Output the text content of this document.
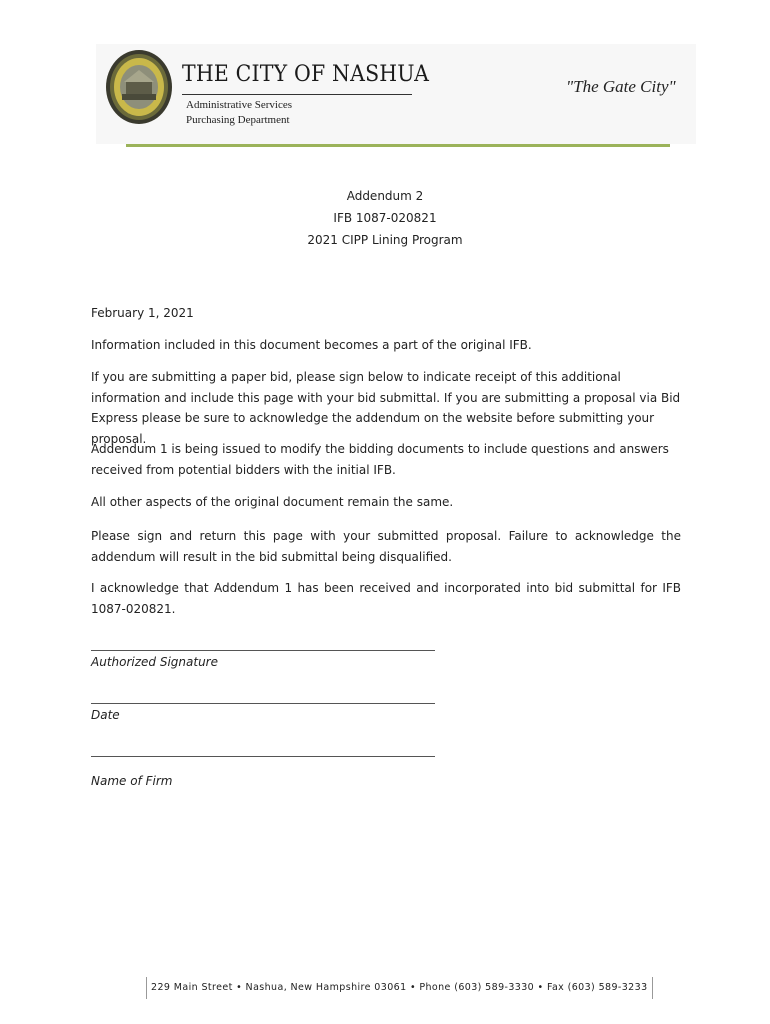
THE CITY OF NASHUA
Administrative Services
Purchasing Department
"The Gate City"
Addendum 2
IFB 1087-020821
2021 CIPP Lining Program
February 1, 2021
Information included in this document becomes a part of the original IFB.
If you are submitting a paper bid, please sign below to indicate receipt of this additional information and include this page with your bid submittal. If you are submitting a proposal via Bid Express please be sure to acknowledge the addendum on the website before submitting your proposal.
Addendum 1 is being issued to modify the bidding documents to include questions and answers received from potential bidders with the initial IFB.
All other aspects of the original document remain the same.
Please sign and return this page with your submitted proposal. Failure to acknowledge the addendum will result in the bid submittal being disqualified.
I acknowledge that Addendum 1 has been received and incorporated into bid submittal for IFB 1087-020821.
Authorized Signature
Date
Name of Firm
229 Main Street • Nashua, New Hampshire 03061 • Phone (603) 589-3330 • Fax (603) 589-3233
